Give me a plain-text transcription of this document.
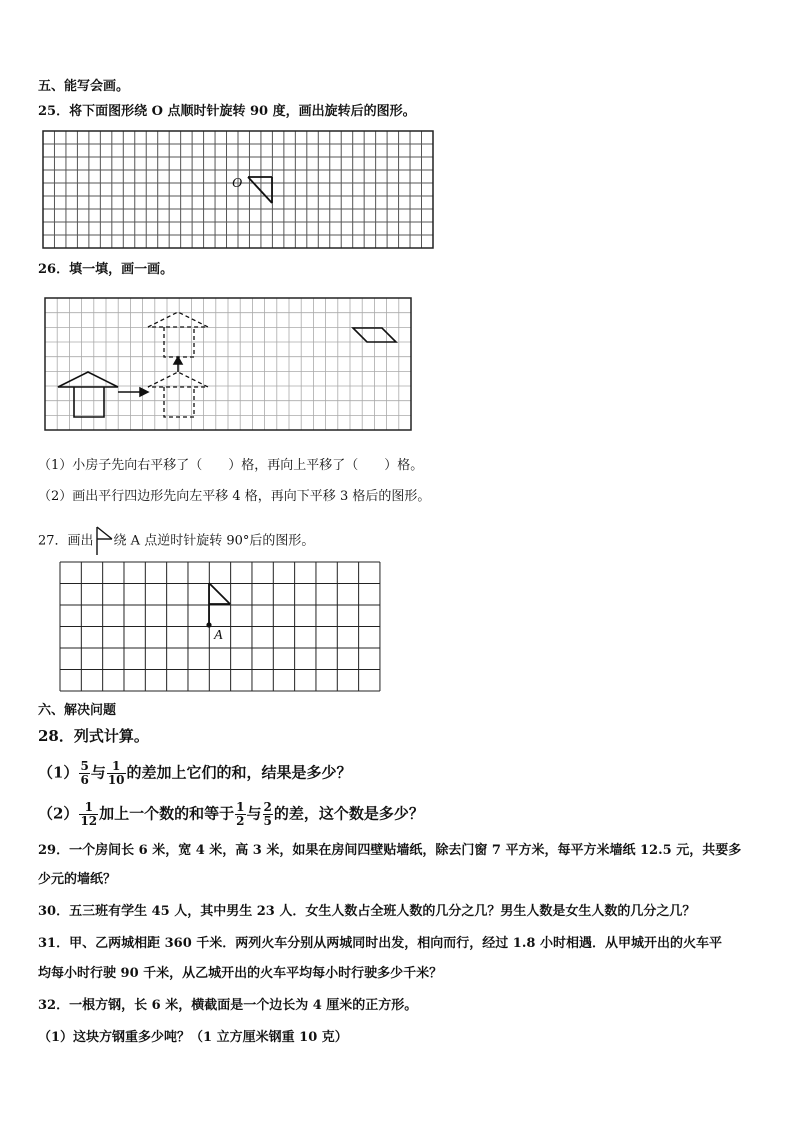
五、能写会画。
25．将下面图形绕 O 点顺时针旋转 90 度，画出旋转后的图形。
O
26．填一填，画一画。
（1）小房子先向右平移了（　　）格，再向上平移了（　　）格。
（2）画出平行四边形先向左平移 4 格，再向下平移 3 格后的图形。
27．画出 绕 A 点逆时针旋转 90°后的图形。
A
六、解决问题
28．列式计算。
$(1) \frac{5}{6}$ 与 $\frac{1}{10}$ 的差加上它们的和，结果是多少？
$(2) \frac{1}{12}$ 加上一个数的和等于 $\frac{1}{2}$ 与 $\frac{2}{5}$ 的差，这个数是多少？
29．一个房间长 6 米，宽 4 米，高 3 米，如果在房间四壁贴墙纸，除去门窗 7 平方米，每平方米墙纸 12.5 元，共要多
少元的墙纸？
30．五三班有学生 45 人，其中男生 23 人．女生人数占全班人数的几分之几？男生人数是女生人数的几分之几？
31．甲、乙两城相距 360 千米．两列火车分别从两城同时出发，相向而行，经过 1.8 小时相遇．从甲城开出的火车平
均每小时行驶 90 千米，从乙城开出的火车平均每小时行驶多少千米？
32．一根方钢，长 6 米，横截面是一个边长为 4 厘米的正方形。
（1）这块方钢重多少吨？（1 立方厘米钢重 10 克）
